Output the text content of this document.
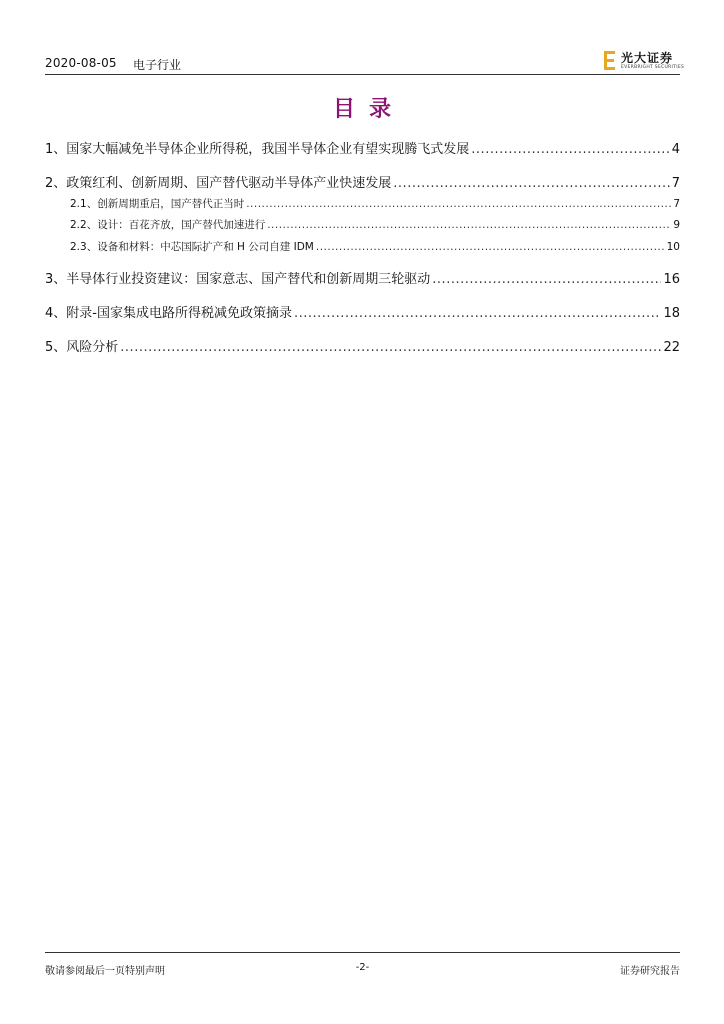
2020-08-05 电子行业	光大证券
EVERBRIGHT SECURITIES
目录
1、 国家大幅减免半导体企业所得税，我国半导体企业有望实现腾飞式发展 .....	4
2、 政策红利、创新周期、国产替代驱动半导体产业快速发展 .....	7
2.1、 创新周期重启，国产替代正当时 .....	7
2.2、 设计：百花齐放，国产替代加速进行 .....	9
2.3、 设备和材料：中芯国际扩产和 H 公司自建 IDM .....	10
3、 半导体行业投资建议：国家意志、国产替代和创新周期三轮驱动 .....	16
4、 附录-国家集成电路所得税减免政策摘录 .....	18
5、 风险分析 .....	22
敬请参阅最后一页特别声明	-2-	证券研究报告
